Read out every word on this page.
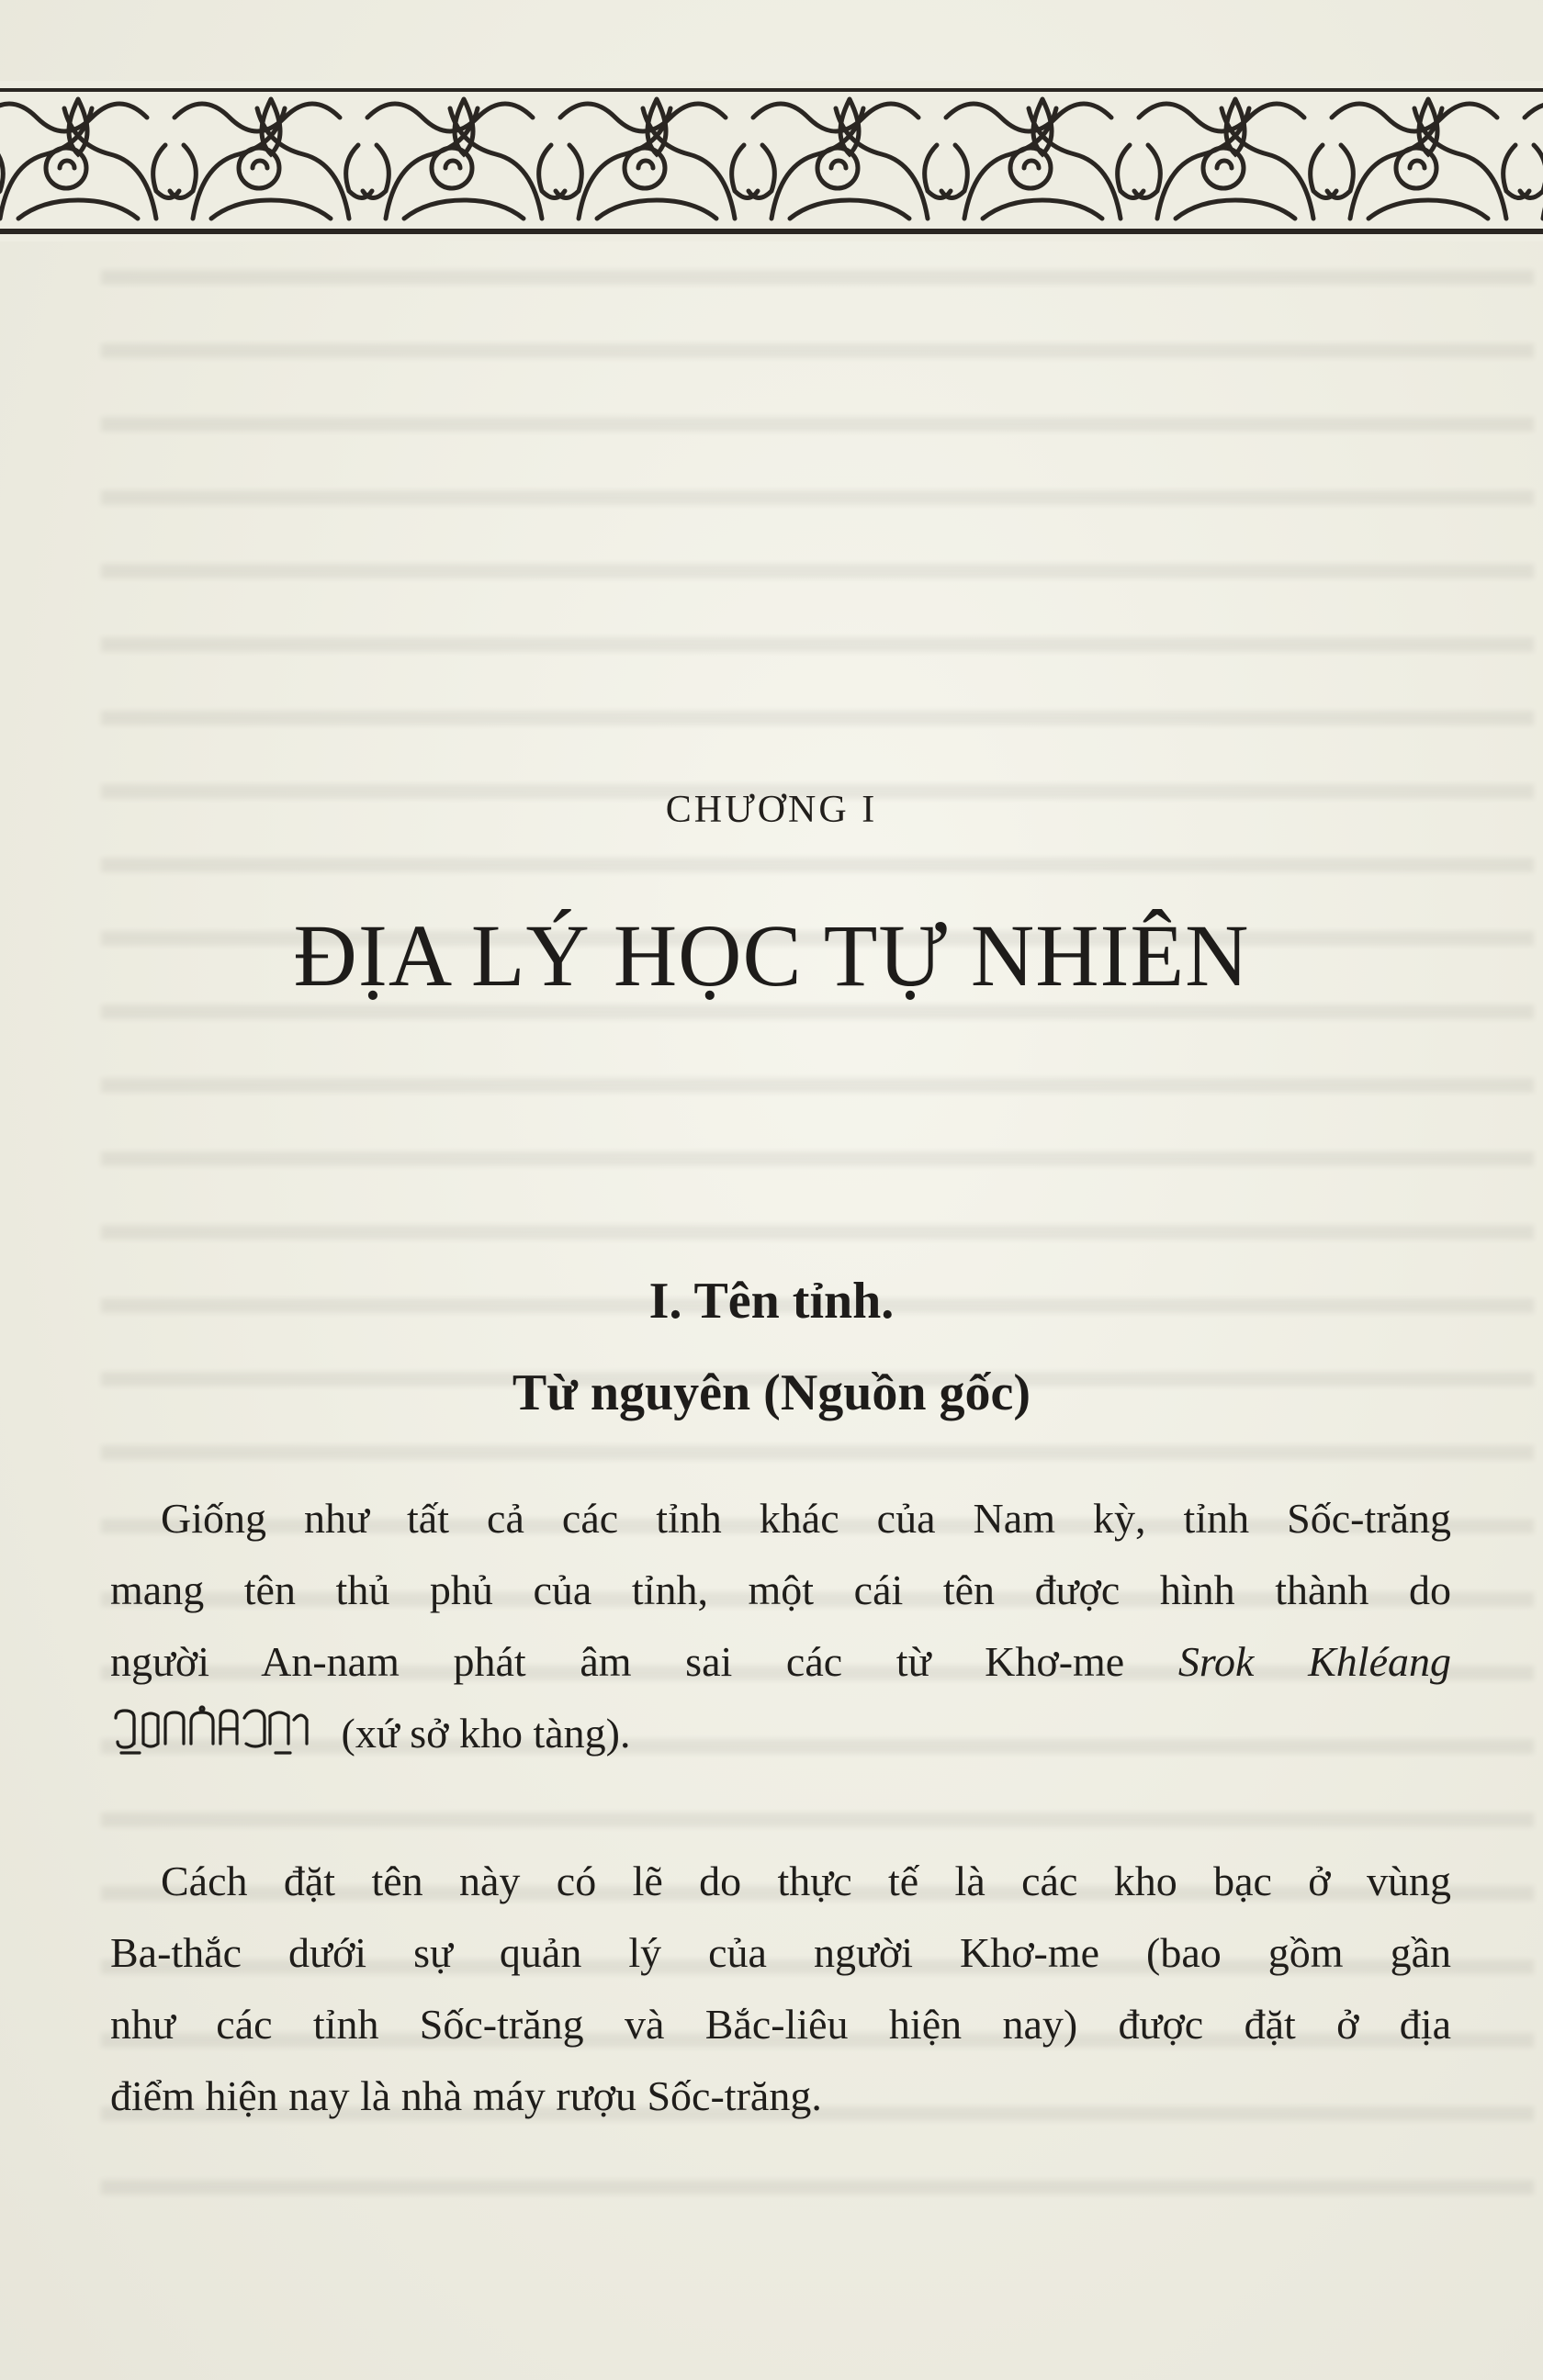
CHƯƠNG I
ĐỊA LÝ HỌC TỰ NHIÊN
I. Tên tỉnh.
Từ nguyên (Nguồn gốc)
Giống như tất cả các tỉnh khác của Nam kỳ, tỉnh Sốc-trăng
mang tên thủ phủ của tỉnh, một cái tên được hình thành do
người An-nam phát âm sai các từ Khơ-me Srok Khléang
(xứ sở kho tàng).
Cách đặt tên này có lẽ do thực tế là các kho bạc ở vùng
Ba-thắc dưới sự quản lý của người Khơ-me (bao gồm gần
như các tỉnh Sốc-trăng và Bắc-liêu hiện nay) được đặt ở địa
điểm hiện nay là nhà máy rượu Sốc-trăng.
